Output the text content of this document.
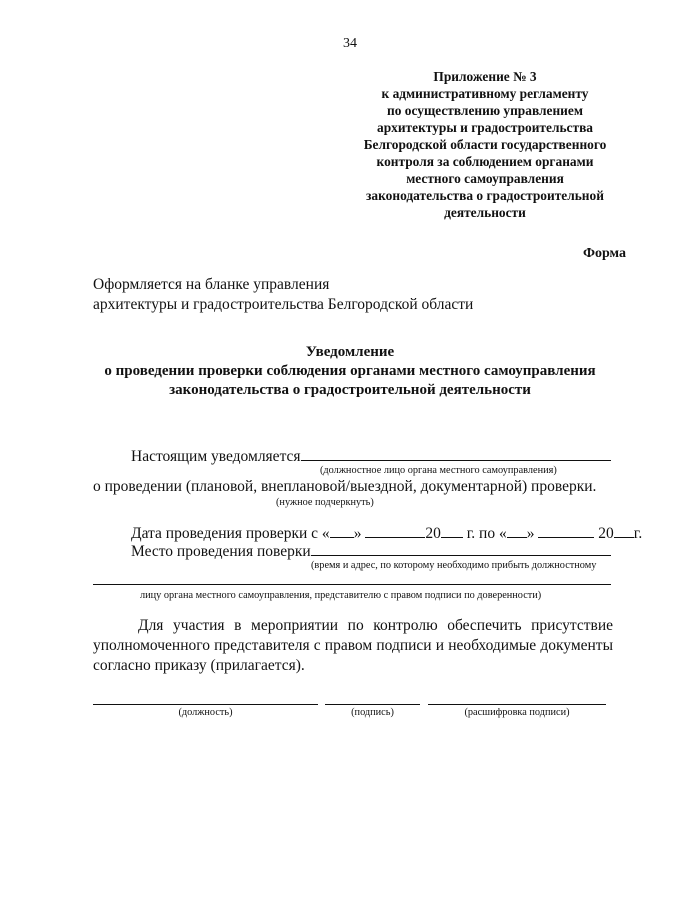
34
Приложение № 3
к административному регламенту
по осуществлению управлением
архитектуры и градостроительства
Белгородской области государственного
контроля за соблюдением органами
местного самоуправления
законодательства о градостроительной
деятельности
Форма
Оформляется на бланке управления
архитектуры и градостроительства Белгородской области
Уведомление
о проведении проверки соблюдения органами местного самоуправления
законодательства о градостроительной деятельности
Настоящим уведомляется
(должностное лицо органа местного самоуправления)
о проведении (плановой, внеплановой/выездной, документарной) проверки.
(нужное подчеркнуть)
Дата проведения проверки с « »	20 г. по « »	20 г.
Место проведения поверки
(время и адрес, по которому необходимо прибыть должностному
лицу органа местного самоуправления, представителю с правом подписи по доверенности)
Для участия в мероприятии по контролю обеспечить присутствие уполномоченного представителя с правом подписи и необходимые документы согласно приказу (прилагается).
(должность)	(подпись)	(расшифровка подписи)
